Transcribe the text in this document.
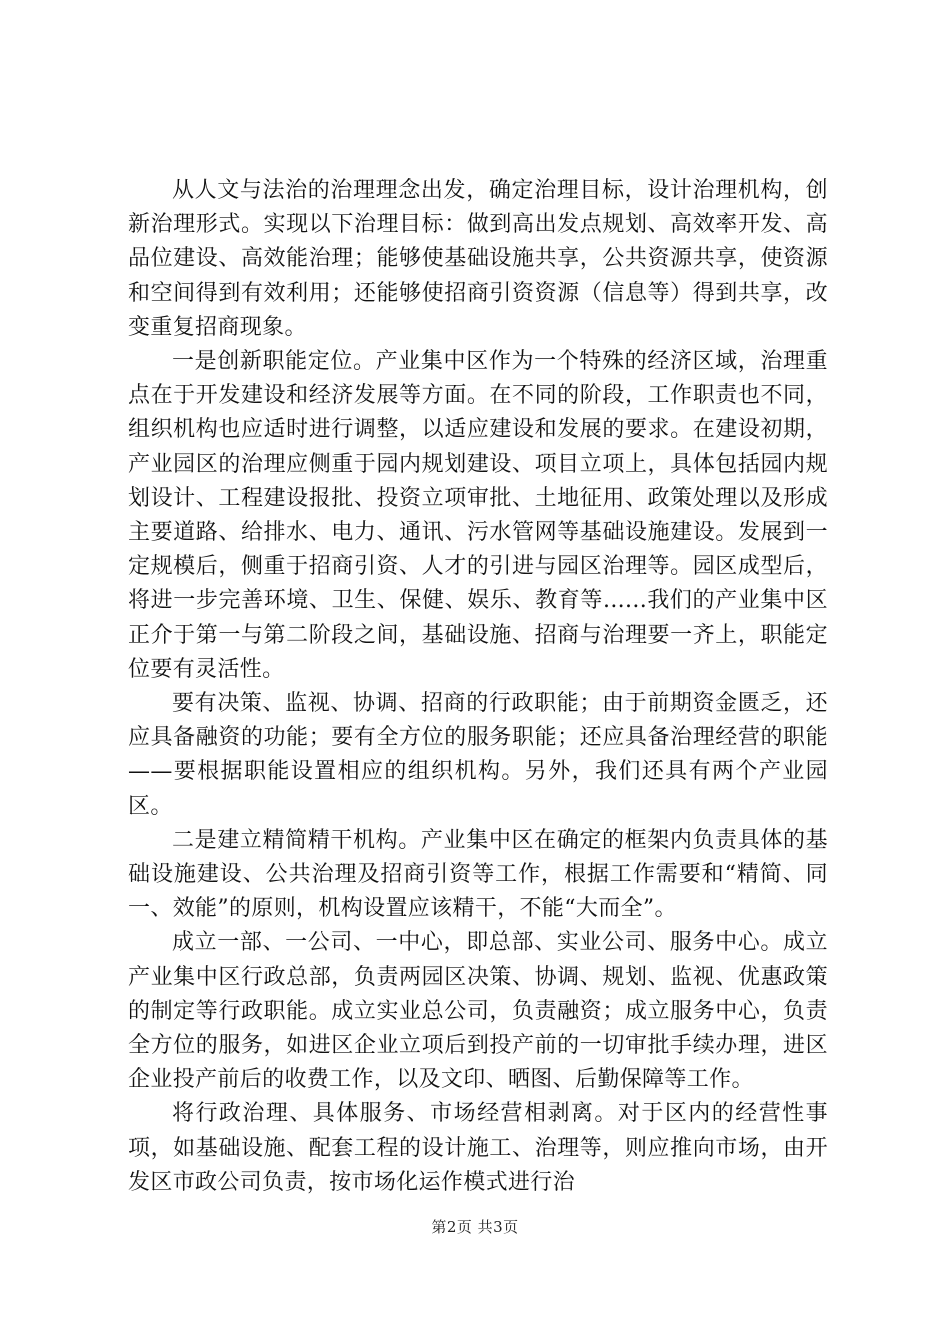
从人文与法治的治理理念出发，确定治理目标，设计治理机构，创新治理形式。实现以下治理目标：做到高出发点规划、高效率开发、高品位建设、高效能治理；能够使基础设施共享，公共资源共享，使资源和空间得到有效利用；还能够使招商引资资源（信息等）得到共享，改变重复招商现象。

一是创新职能定位。产业集中区作为一个特殊的经济区域，治理重点在于开发建设和经济发展等方面。在不同的阶段，工作职责也不同，组织机构也应适时进行调整，以适应建设和发展的要求。在建设初期，产业园区的治理应侧重于园内规划建设、项目立项上，具体包括园内规划设计、工程建设报批、投资立项审批、土地征用、政策处理以及形成主要道路、给排水、电力、通讯、污水管网等基础设施建设。发展到一定规模后，侧重于招商引资、人才的引进与园区治理等。园区成型后，将进一步完善环境、卫生、保健、娱乐、教育等......我们的产业集中区正介于第一与第二阶段之间，基础设施、招商与治理要一齐上，职能定位要有灵活性。

要有决策、监视、协调、招商的行政职能；由于前期资金匮乏，还应具备融资的功能；要有全方位的服务职能；还应具备治理经营的职能——要根据职能设置相应的组织机构。另外，我们还具有两个产业园区。

二是建立精简精干机构。产业集中区在确定的框架内负责具体的基础设施建设、公共治理及招商引资等工作，根据工作需要和“精简、同一、效能”的原则，机构设置应该精干，不能“大而全”。

成立一部、一公司、一中心，即总部、实业公司、服务中心。成立产业集中区行政总部，负责两园区决策、协调、规划、监视、优惠政策的制定等行政职能。成立实业总公司，负责融资；成立服务中心，负责全方位的服务，如进区企业立项后到投产前的一切审批手续办理，进区企业投产前后的收费工作，以及文印、晒图、后勤保障等工作。

将行政治理、具体服务、市场经营相剥离。对于区内的经营性事项，如基础设施、配套工程的设计施工、治理等，则应推向市场，由开发区市政公司负责，按市场化运作模式进行治

第2页 共3页
